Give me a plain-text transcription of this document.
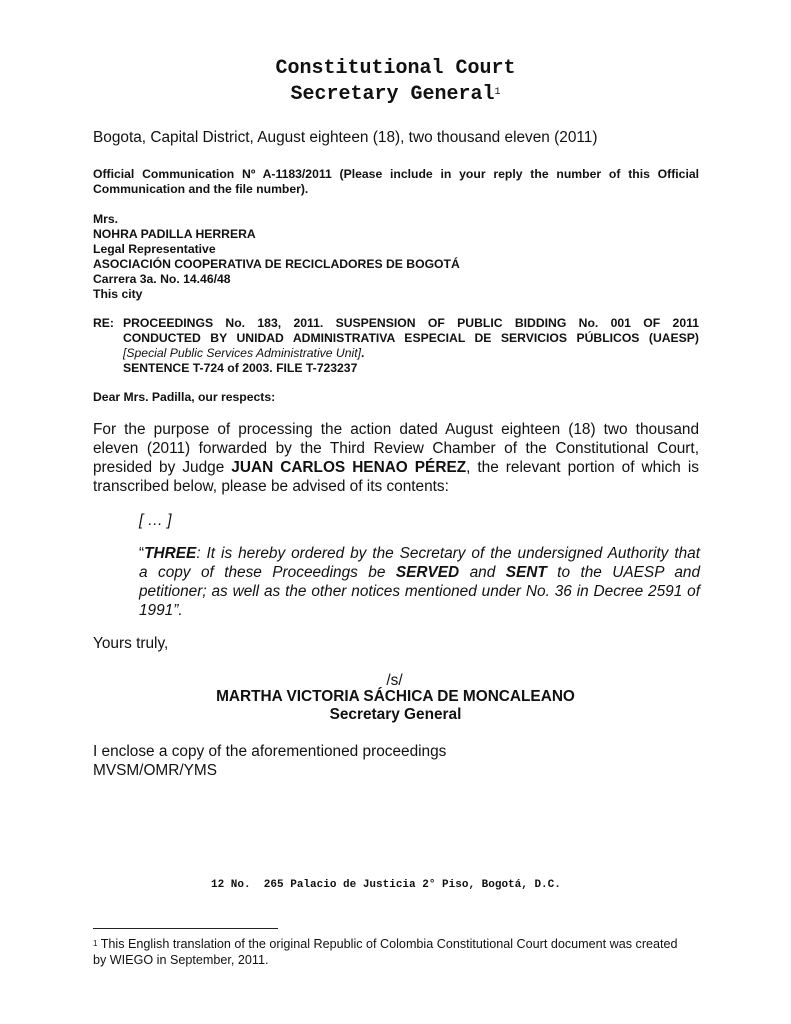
Constitutional Court
Secretary General$^1$
Bogota, Capital District, August eighteen (18), two thousand eleven (2011)
Official Communication Nº A-1183/2011 (Please include in your reply the number of this Official
Communication and the file number).
Mrs.
NOHRA PADILLA HERRERA
Legal Representative
ASOCIACIÓN COOPERATIVA DE RECICLADORES DE BOGOTÁ
Carrera 3a. No. 14.46/48
This city
RE: PROCEEDINGS No. 183, 2011. SUSPENSION OF PUBLIC BIDDING No. 001 OF 2011
CONDUCTED BY UNIDAD ADMINISTRATIVA ESPECIAL DE SERVICIOS PÚBLICOS (UAESP)
[Special Public Services Administrative Unit].
SENTENCE T-724 of 2003. FILE T-723237
Dear Mrs. Padilla, our respects:
For the purpose of processing the action dated August eighteen (18) two thousand
eleven (2011) forwarded by the Third Review Chamber of the Constitutional Court,
presided by Judge JUAN CARLOS HENAO PÉREZ, the relevant portion of which is
transcribed below, please be advised of its contents:
[ … ]
“THREE: It is hereby ordered by the Secretary of the undersigned Authority that
a copy of these Proceedings be SERVED and SENT to the UAESP and
petitioner; as well as the other notices mentioned under No. 36 in Decree 2591 of
1991”.
Yours truly,
/s/
MARTHA VICTORIA SÁCHICA DE MONCALEANO
Secretary General
I enclose a copy of the aforementioned proceedings
MVSM/OMR/YMS
12 No.  265 Palacio de Justicia 2° Piso, Bogotá, D.C.
$^1$ This English translation of the original Republic of Colombia Constitutional Court document was created
by WIEGO in September, 2011.
